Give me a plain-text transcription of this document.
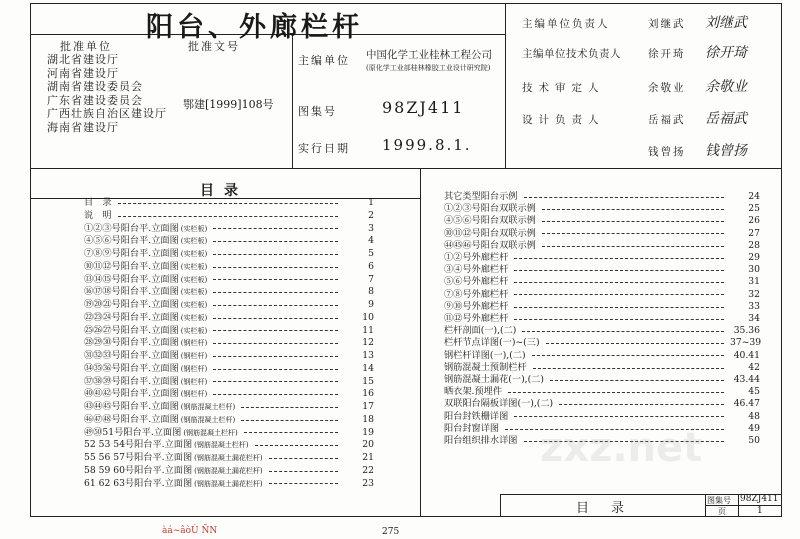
阳台、外廊栏杆
批准单位	批准文号
湖北省建设厅
河南省建设厅
湖南省建设委员会
广东省建设委员会
广西壮族自治区建设厅
海南省建设厅
鄂建[1999]108号
主编单位 中国化学工业桂林工程公司
(原化学工业部桂林橡胶工业设计研究院)
图集号	98ZJ411
实行日期 1999.8.1.
主编单位负责人	刘继武 刘继武
主编单位技术负责人	徐开琦 徐开琦
技术审定人	余敬业 余敬业
设计负责人	岳福武 岳福武
钱曾扬 钱曾扬
目录
目　录	1
说　明	2
①②③号阳台平.立面图 (实栏板)	3
④⑤⑥号阳台平.立面图 (实栏板)	4
⑦⑧⑨号阳台平.立面图 (实栏板)	5
⑩⑪⑫号阳台平.立面图 (实栏板)	6
⑬⑭⑮号阳台平.立面图 (实栏板)	7
⑯⑰⑱号阳台平.立面图 (实栏板)	8
⑲⑳㉑号阳台平.立面图 (实栏板)	9
㉒㉓㉔号阳台平.立面图 (实栏板)	10
㉕㉖㉗号阳台平.立面图 (实栏板)	11
㉘㉙㉚号阳台平.立面图 (钢栏杆)	12
㉛㉜㉝号阳台平.立面图 (钢栏杆)	13
㉞㉟㊱号阳台平.立面图 (钢栏杆)	14
㊲㊳㊴号阳台平.立面图 (钢栏杆)	15
㊵㊶㊷号阳台平.立面图 (钢栏杆)	16
㊸㊹㊺号阳台平.立面图 (钢筋混凝土栏杆)	17
㊻㊼㊽号阳台平.立面图 (钢筋混凝土栏杆)	18
㊾㊿51号阳台平.立面图 (钢筋混凝土栏杆)	19
52 53 54号阳台平.立面图 (钢筋混凝土栏杆)	20
55 56 57号阳台平.立面图 (钢筋混凝土漏花栏杆)	21
58 59 60号阳台平.立面图 (钢筋混凝土漏花栏杆)	22
61 62 63号阳台平.立面图 (钢筋混凝土漏花栏杆)	23
其它类型阳台示例	24
①②③号阳台双联示例	25
④⑤⑥号阳台双联示例	26
⑩⑪⑫号阳台双联示例	27
㊹㊺㊻号阳台双联示例	28
①②号外廊栏杆	29
③④号外廊栏杆	30
⑤⑥号外廊栏杆	31
⑦⑧号外廊栏杆	32
⑨⑩号外廊栏杆	33
⑪⑫号外廊栏杆	34
栏杆剖面(一),(二)	35.36
栏杆节点详图(一)~(三)	37~39
钢栏杆详图(一),(二)	40.41
钢筋混凝土预制栏杆	42
钢筋混凝土漏花(一),(二)	43.44
晒衣架.预埋件	45
双联阳台隔板详图(一),(二)	46.47
阳台封铁栅详图	48
阳台封窗详图	49
阳台组织排水详图	50
zxz.net
目录
图集号 98ZJ411
页	1
àá~âòÙ ÑN	275
